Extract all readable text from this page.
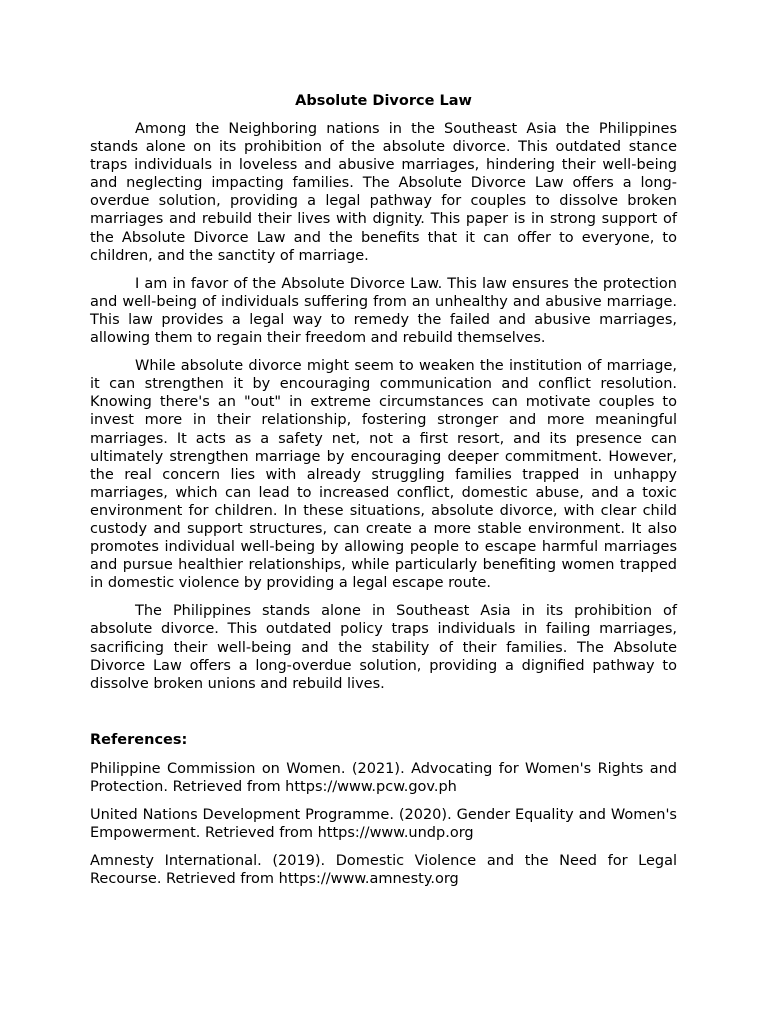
Absolute Divorce Law

Among the Neighboring nations in the Southeast Asia the Philippines stands alone on its prohibition of the absolute divorce. This outdated stance traps individuals in loveless and abusive marriages, hindering their well-being and neglecting impacting families. The Absolute Divorce Law offers a long-overdue solution, providing a legal pathway for couples to dissolve broken marriages and rebuild their lives with dignity. This paper is in strong support of the Absolute Divorce Law and the benefits that it can offer to everyone, to children, and the sanctity of marriage.

I am in favor of the Absolute Divorce Law. This law ensures the protection and well-being of individuals suffering from an unhealthy and abusive marriage. This law provides a legal way to remedy the failed and abusive marriages, allowing them to regain their freedom and rebuild themselves.

While absolute divorce might seem to weaken the institution of marriage, it can strengthen it by encouraging communication and conflict resolution. Knowing there's an "out" in extreme circumstances can motivate couples to invest more in their relationship, fostering stronger and more meaningful marriages. It acts as a safety net, not a first resort, and its presence can ultimately strengthen marriage by encouraging deeper commitment. However, the real concern lies with already struggling families trapped in unhappy marriages, which can lead to increased conflict, domestic abuse, and a toxic environment for children. In these situations, absolute divorce, with clear child custody and support structures, can create a more stable environment. It also promotes individual well-being by allowing people to escape harmful marriages and pursue healthier relationships, while particularly benefiting women trapped in domestic violence by providing a legal escape route.

The Philippines stands alone in Southeast Asia in its prohibition of absolute divorce. This outdated policy traps individuals in failing marriages, sacrificing their well-being and the stability of their families. The Absolute Divorce Law offers a long-overdue solution, providing a dignified pathway to dissolve broken unions and rebuild lives.

References:

Philippine Commission on Women. (2021). Advocating for Women's Rights and Protection. Retrieved from https://www.pcw.gov.ph

United Nations Development Programme. (2020). Gender Equality and Women's Empowerment. Retrieved from https://www.undp.org

Amnesty International. (2019). Domestic Violence and the Need for Legal Recourse. Retrieved from https://www.amnesty.org
